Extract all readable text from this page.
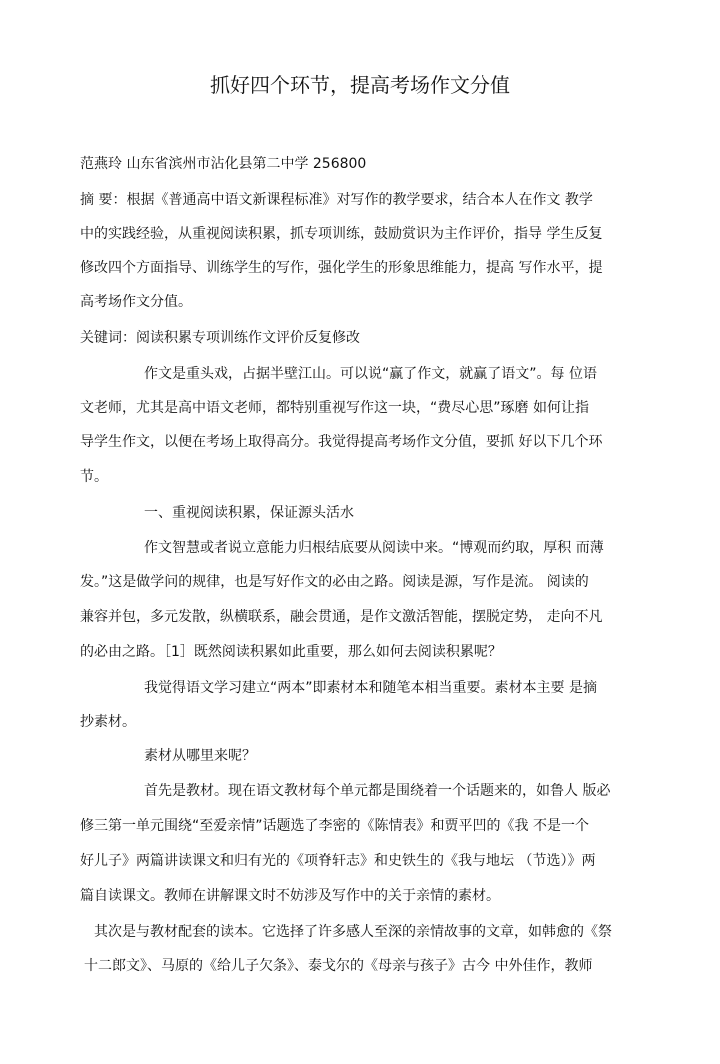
抓好四个环节，提高考场作文分值
范燕玲 山东省滨州市沾化县第二中学 256800
摘 要：根据《普通高中语文新课程标准》对写作的教学要求，结合本人在作文 教学
中的实践经验，从重视阅读积累，抓专项训练，鼓励赏识为主作评价，指导 学生反复
修改四个方面指导、训练学生的写作，强化学生的形象思维能力，提高 写作水平，提
高考场作文分值。
关键词：阅读积累专项训练作文评价反复修改
作文是重头戏，占据半壁江山。可以说“赢了作文，就赢了语文”。每 位语
文老师，尤其是高中语文老师，都特别重视写作这一块，“费尽心思”琢磨 如何让指
导学生作文，以便在考场上取得高分。我觉得提高考场作文分值，要抓 好以下几个环
节。
一、重视阅读积累，保证源头活水
作文智慧或者说立意能力归根结底要从阅读中来。“博观而约取，厚积 而薄
发。”这是做学问的规律，也是写好作文的必由之路。阅读是源，写作是流。 阅读的
兼容并包，多元发散，纵横联系，融会贯通，是作文激活智能，摆脱定势， 走向不凡
的必由之路。［1］既然阅读积累如此重要，那么如何去阅读积累呢？
我觉得语文学习建立“两本”即素材本和随笔本相当重要。素材本主要 是摘
抄素材。
素材从哪里来呢？
首先是教材。现在语文教材每个单元都是围绕着一个话题来的，如鲁人 版必
修三第一单元围绕“至爱亲情”话题选了李密的《陈情表》和贾平凹的《我 不是一个
好儿子》两篇讲读课文和归有光的《项脊轩志》和史铁生的《我与地坛 （节选）》两
篇自读课文。教师在讲解课文时不妨涉及写作中的关于亲情的素材。
其次是与教材配套的读本。它选择了许多感人至深的亲情故事的文章，如韩愈的《祭
十二郎文》、马原的《给儿子欠条》、泰戈尔的《母亲与孩子》古今 中外佳作，教师
